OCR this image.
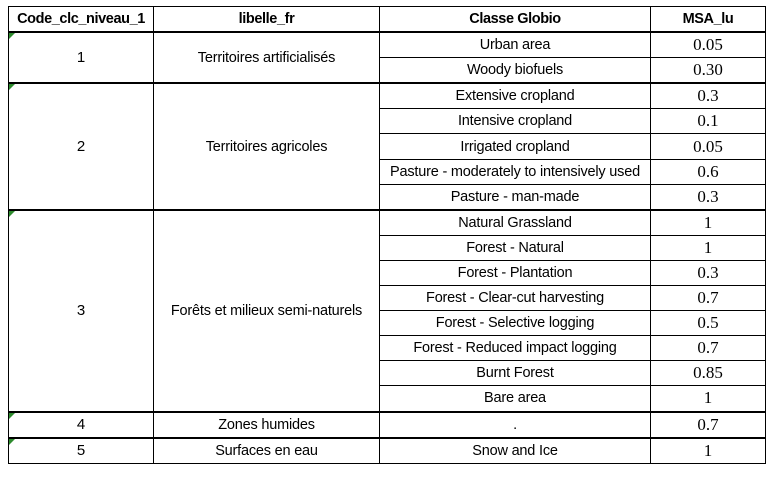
Code_clc_niveau_1	libelle_fr	Classe Globio	MSA_lu

1	Territoires artificialisés	Urban area	0.05
		Woody biofuels	0.30

2	Territoires agricoles	Extensive cropland	0.3
		Intensive cropland	0.1
		Irrigated cropland	0.05
		Pasture - moderately to intensively used	0.6
		Pasture - man-made	0.3

3	Forêts et milieux semi-naturels	Natural Grassland	1
		Forest - Natural	1
		Forest - Plantation	0.3
		Forest - Clear-cut harvesting	0.7
		Forest - Selective logging	0.5
		Forest - Reduced impact logging	0.7
		Burnt Forest	0.85
		Bare area	1

4	Zones humides	.	0.7

5	Surfaces en eau	Snow and Ice	1
